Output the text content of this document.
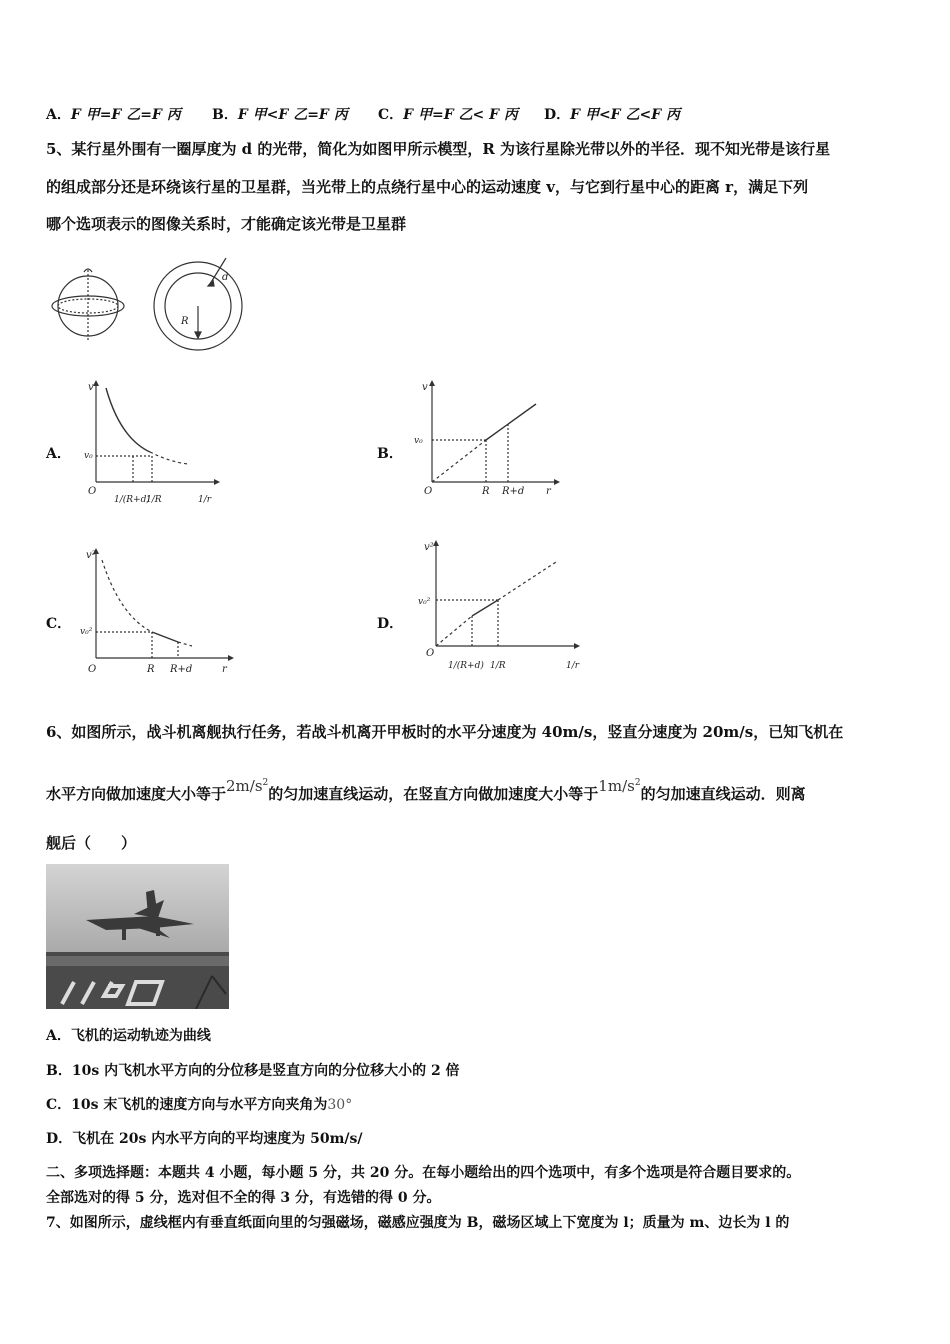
A．F 甲=F 乙=F 丙 B．F 甲<F 乙=F 丙 C．F 甲=F 乙< F 丙 D．F 甲<F 乙<F 丙
5、某行星外围有一圈厚度为 d 的光带，简化为如图甲所示模型，R 为该行星除光带以外的半径．现不知光带是该行星
的组成部分还是环绕该行星的卫星群，当光带上的点绕行星中心的运动速度 v，与它到行星中心的距离 r，满足下列
哪个选项表示的图像关系时，才能确定该光带是卫星群
R
d
A．	B．
C．	D．
v
v₀
O
1/(R+d)
1/R	1/r
v
v₀
O	R R+d r
v²
v₀²
O	R R+d	r
v²
v₀²
O
1/(R+d) 1/R	1/r
6、如图所示，战斗机离舰执行任务，若战斗机离开甲板时的水平分速度为 40m/s，竖直分速度为 20m/s，已知飞机在
水平方向做加速度大小等于$2m/s^2$的匀加速直线运动，在竖直方向做加速度大小等于$1m/s^2$的匀加速直线运动．则离
舰后（　　）
A．飞机的运动轨迹为曲线
B．10s 内飞机水平方向的分位移是竖直方向的分位移大小的 2 倍
C．10s 末飞机的速度方向与水平方向夹角为30°
D．飞机在 20s 内水平方向的平均速度为 50m/s/
二、多项选择题：本题共 4 小题，每小题 5 分，共 20 分。在每小题给出的四个选项中，有多个选项是符合题目要求的。
全部选对的得 5 分，选对但不全的得 3 分，有选错的得 0 分。
7、如图所示，虚线框内有垂直纸面向里的匀强磁场，磁感应强度为 B，磁场区域上下宽度为 l；质量为 m、边长为 l 的
